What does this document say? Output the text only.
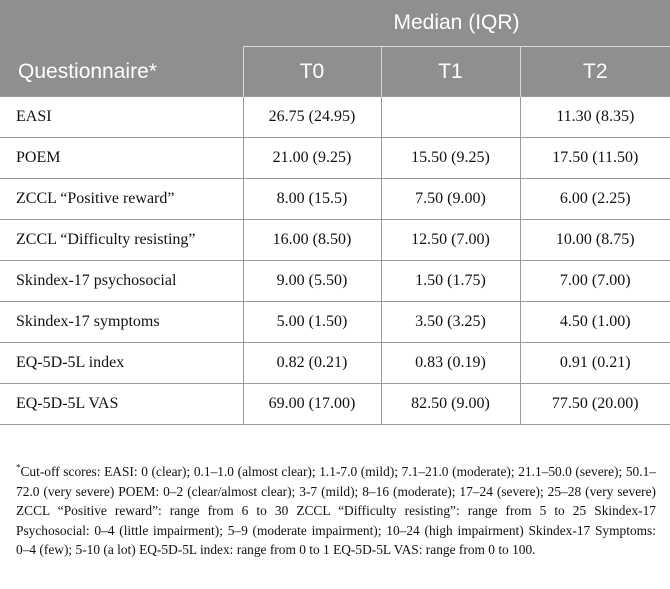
Questionnaire*	Median (IQR)		
	T0	T1	T2
EASI	26.75 (24.95)		11.30 (8.35)
POEM	21.00 (9.25)	15.50 (9.25)	17.50 (11.50)
ZCCL “Positive reward”	8.00 (15.5)	7.50 (9.00)	6.00 (2.25)
ZCCL “Difficulty resisting”	16.00 (8.50)	12.50 (7.00)	10.00 (8.75)
Skindex-17 psychosocial	9.00 (5.50)	1.50 (1.75)	7.00 (7.00)
Skindex-17 symptoms	5.00 (1.50)	3.50 (3.25)	4.50 (1.00)
EQ-5D-5L index	0.82 (0.21)	0.83 (0.19)	0.91 (0.21)
EQ-5D-5L VAS	69.00 (17.00)	82.50 (9.00)	77.50 (20.00)
*Cut-off scores: EASI: 0 (clear); 0.1–1.0 (almost clear); 1.1-7.0 (mild); 7.1–21.0 (moderate); 21.1–50.0 (severe); 50.1–72.0 (very severe) POEM: 0–2 (clear/almost clear); 3-7 (mild); 8–16 (moderate); 17–24 (severe); 25–28 (very severe) ZCCL “Positive reward”: range from 6 to 30 ZCCL “Difficulty resisting”: range from 5 to 25 Skindex-17 Psychosocial: 0–4 (little impairment); 5–9 (moderate impairment); 10–24 (high impairment) Skindex-17 Symptoms: 0–4 (few); 5-10 (a lot) EQ-5D-5L index: range from 0 to 1 EQ-5D-5L VAS: range from 0 to 100.
